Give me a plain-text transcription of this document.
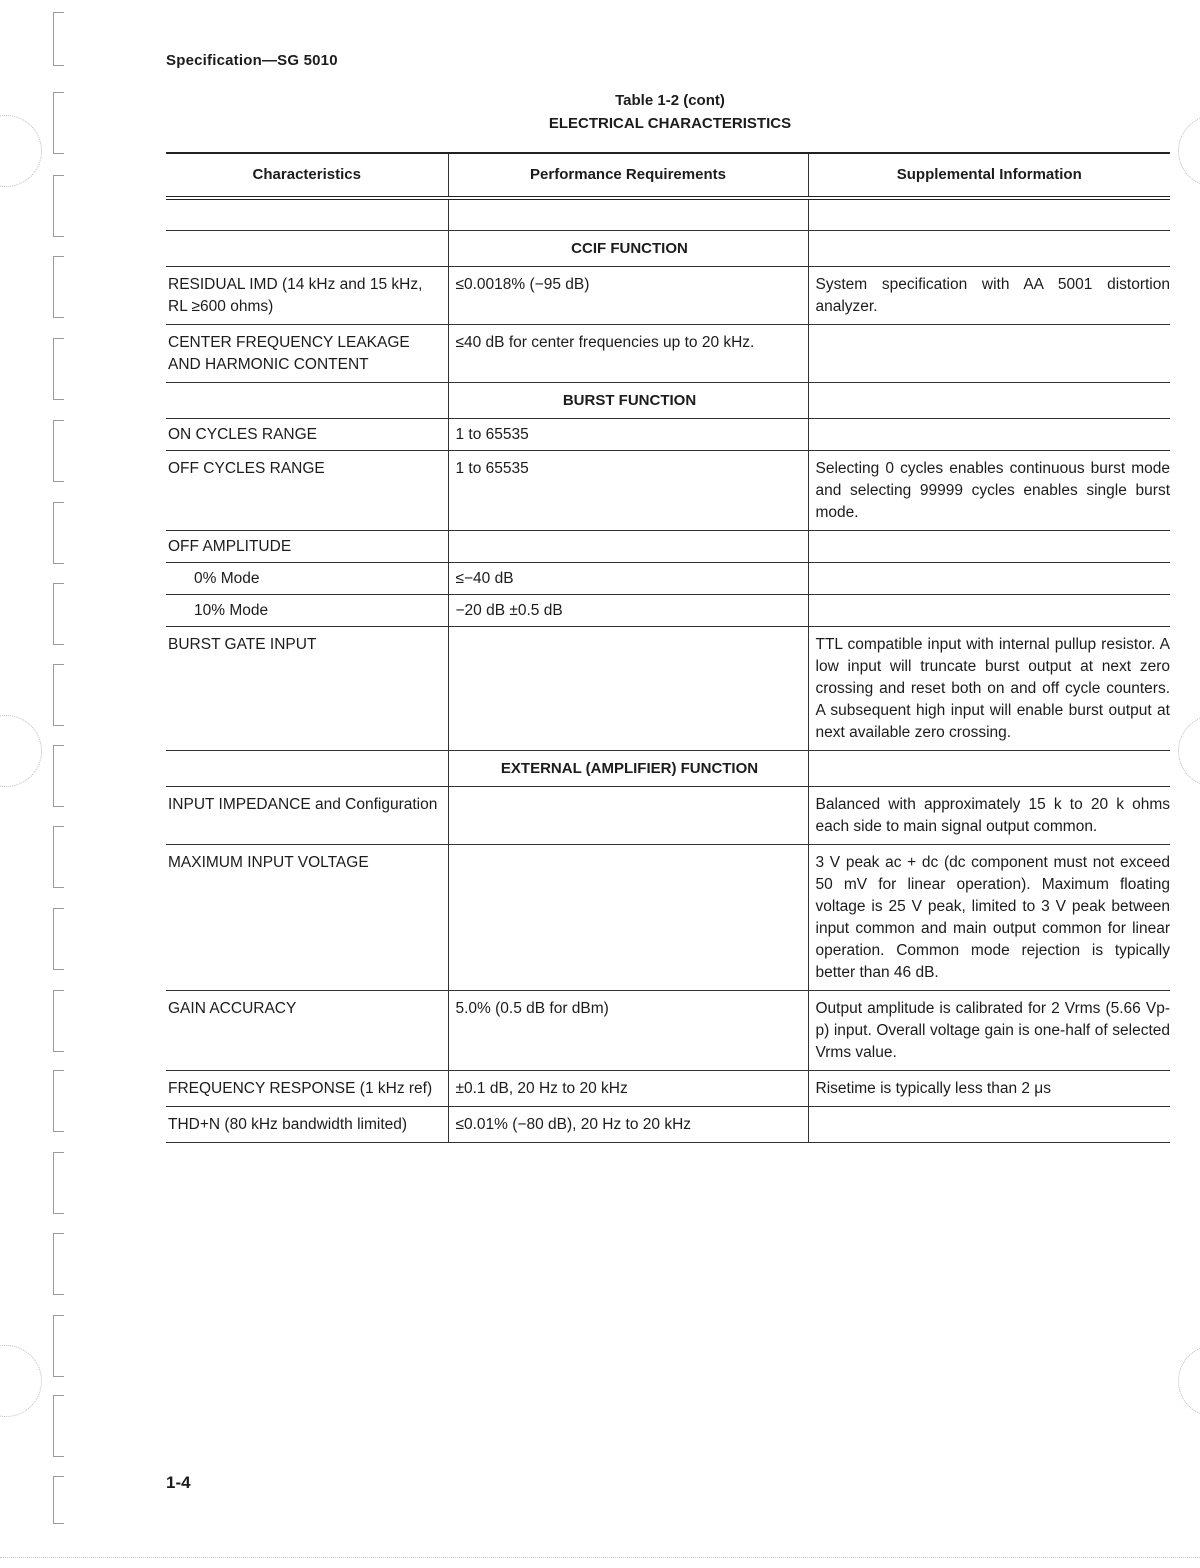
Specification—SG 5010
Table 1-2 (cont)
ELECTRICAL CHARACTERISTICS
Characteristics	Performance Requirements	Supplemental Information

	CCIF FUNCTION	
RESIDUAL IMD (14 kHz and 15 kHz, RL ≥600 ohms)	≤0.0018% (−95 dB)	System specification with AA 5001 distortion analyzer.
CENTER FREQUENCY LEAKAGE AND HARMONIC CONTENT	≤40 dB for center frequencies up to 20 kHz.	
	BURST FUNCTION	
ON CYCLES RANGE	1 to 65535	
OFF CYCLES RANGE	1 to 65535	Selecting 0 cycles enables continuous burst mode and selecting 99999 cycles enables single burst mode.
OFF AMPLITUDE		
0% Mode	≤−40 dB	
10% Mode	−20 dB ±0.5 dB	
BURST GATE INPUT		TTL compatible input with internal pullup resistor. A low input will truncate burst output at next zero crossing and reset both on and off cycle counters. A subsequent high input will enable burst output at next available zero crossing.
	EXTERNAL (AMPLIFIER) FUNCTION	
INPUT IMPEDANCE and Configuration		Balanced with approximately 15 k to 20 k ohms each side to main signal output common.
MAXIMUM INPUT VOLTAGE		3 V peak ac + dc (dc component must not exceed 50 mV for linear operation). Maximum floating voltage is 25 V peak, limited to 3 V peak between input common and main output common for linear operation. Common mode rejection is typically better than 46 dB.
GAIN ACCURACY	5.0% (0.5 dB for dBm)	Output amplitude is calibrated for 2 Vrms (5.66 Vp-p) input. Overall voltage gain is one-half of selected Vrms value.
FREQUENCY RESPONSE (1 kHz ref)	±0.1 dB, 20 Hz to 20 kHz	Risetime is typically less than 2 μs
THD+N (80 kHz bandwidth limited)	≤0.01% (−80 dB), 20 Hz to 20 kHz	
1-4
